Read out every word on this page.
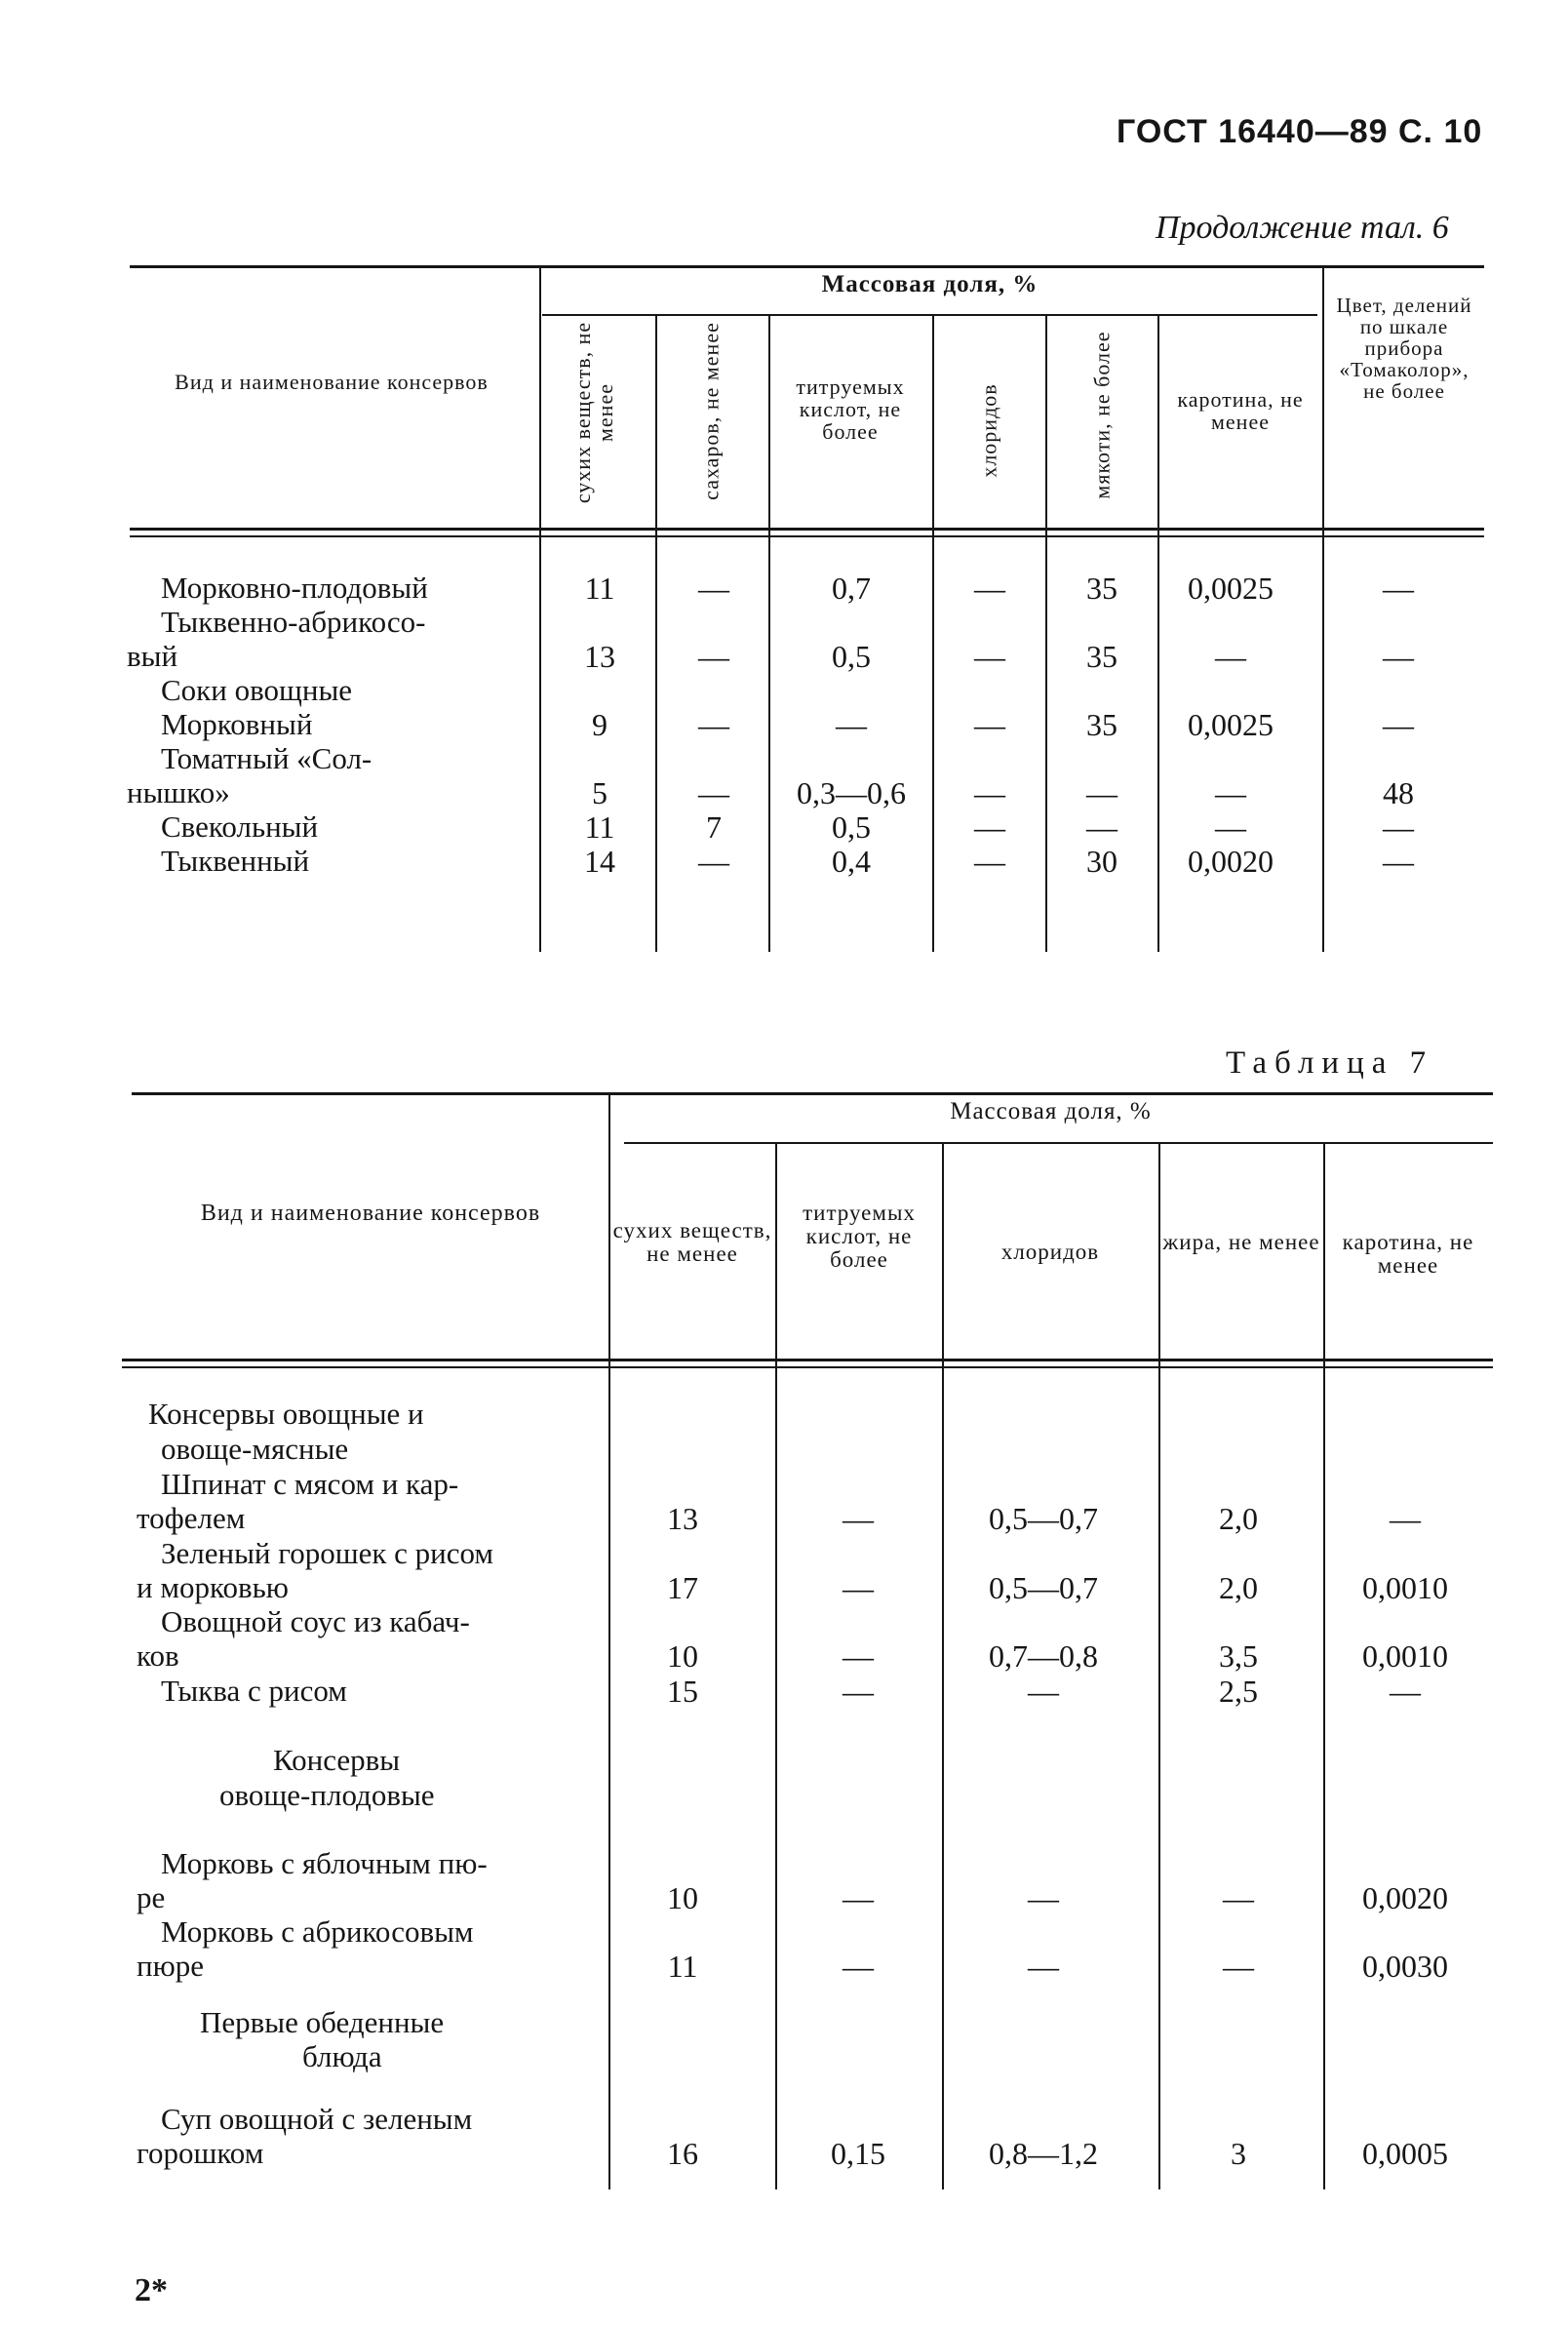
ГОСТ 16440—89 С. 10
Продолжение тал. 6
Вид и наименование консервов
Массовая доля, %
сухих веществ, не менее	сахаров, не менее	титруемых кислот, не более	хлоридов	мякоти, не более	каротина, не менее
Цвет, делений по шкале прибора «Томаколор», не более
Морковно-плодовый	11	—	0,7	—	35	0,0025	—
Тыквенно-абрикосо-
вый	13	—	0,5	—	35	—	—
Соки овощные
Морковный	9	—	—	—	35	0,0025	—
Томатный «Сол-
нышко»	5	—	0,3—0,6	—	—	—	48
Свекольный	11	7	0,5	—	—	—	—
Тыквенный	14	—	0,4	—	30	0,0020	—
Таблица 7
Вид и наименование консервов
Массовая доля, %
сухих веществ, не менее
титруемых кислот, не более	хлоридов	жира, не менее	каротина, не менее
Консервы овощные и
овоще-мясные
Шпинат с мясом и кар-
тофелем	13	—	0,5—0,7	2,0	—
Зеленый горошек с рисом
и морковью	17	—	0,5—0,7	2,0	0,0010
Овощной соус из кабач-
ков	10	—	0,7—0,8	3,5	0,0010
Тыква с рисом	15	—	—	2,5	—
Консервы
овоще-плодовые
Морковь с яблочным пю-
ре	10	—	—	—	0,0020
Морковь с абрикосовым
пюре	11	—	—	—	0,0030
Первые обеденные
блюда
Суп овощной с зеленым
горошком	16	0,15	0,8—1,2	3	0,0005
2*
